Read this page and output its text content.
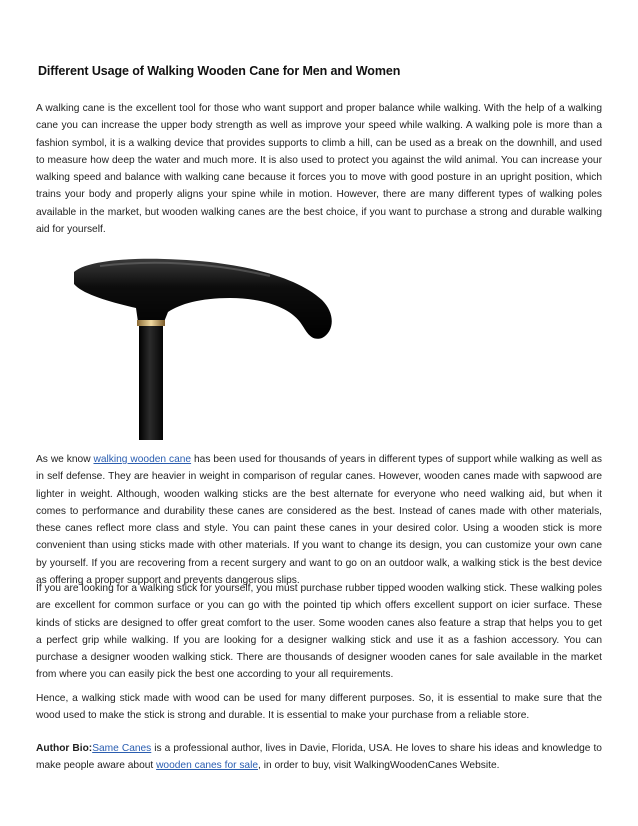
Different Usage of Walking Wooden Cane for Men and Women

A walking cane is the excellent tool for those who want support and proper balance while walking. With the help of a walking cane you can increase the upper body strength as well as improve your speed while walking. A walking pole is more than a fashion symbol, it is a walking device that provides supports to climb a hill, can be used as a break on the downhill, and used to measure how deep the water and much more. It is also used to protect you against the wild animal. You can increase your walking speed and balance with walking cane because it forces you to move with good posture in an upright position, which trains your body and properly aligns your spine while in motion. However, there are many different types of walking poles available in the market, but wooden walking canes are the best choice, if you want to purchase a strong and durable walking aid for yourself.

As we know walking wooden cane has been used for thousands of years in different types of support while walking as well as in self defense. They are heavier in weight in comparison of regular canes. However, wooden canes made with sapwood are lighter in weight. Although, wooden walking sticks are the best alternate for everyone who need walking aid, but when it comes to performance and durability these canes are considered as the best. Instead of canes made with other materials, these canes reflect more class and style. You can paint these canes in your desired color. Using a wooden stick is more convenient than using sticks made with other materials. If you want to change its design, you can customize your own cane by yourself. If you are recovering from a recent surgery and want to go on an outdoor walk, a walking stick is the best device as offering a proper support and prevents dangerous slips.

If you are looking for a walking stick for yourself, you must purchase rubber tipped wooden walking stick. These walking poles are excellent for common surface or you can go with the pointed tip which offers excellent support on icier surface. These kinds of sticks are designed to offer great comfort to the user. Some wooden canes also feature a strap that helps you to get a perfect grip while walking. If you are looking for a designer walking stick and use it as a fashion accessory. You can purchase a designer wooden walking stick. There are thousands of designer wooden canes for sale available in the market from where you can easily pick the best one according to your all requirements.

Hence, a walking stick made with wood can be used for many different purposes. So, it is essential to make sure that the wood used to make the stick is strong and durable. It is essential to make your purchase from a reliable store.

Author Bio:Same Canes is a professional author, lives in Davie, Florida, USA. He loves to share his ideas and knowledge to make people aware about wooden canes for sale, in order to buy, visit WalkingWoodenCanes Website.
